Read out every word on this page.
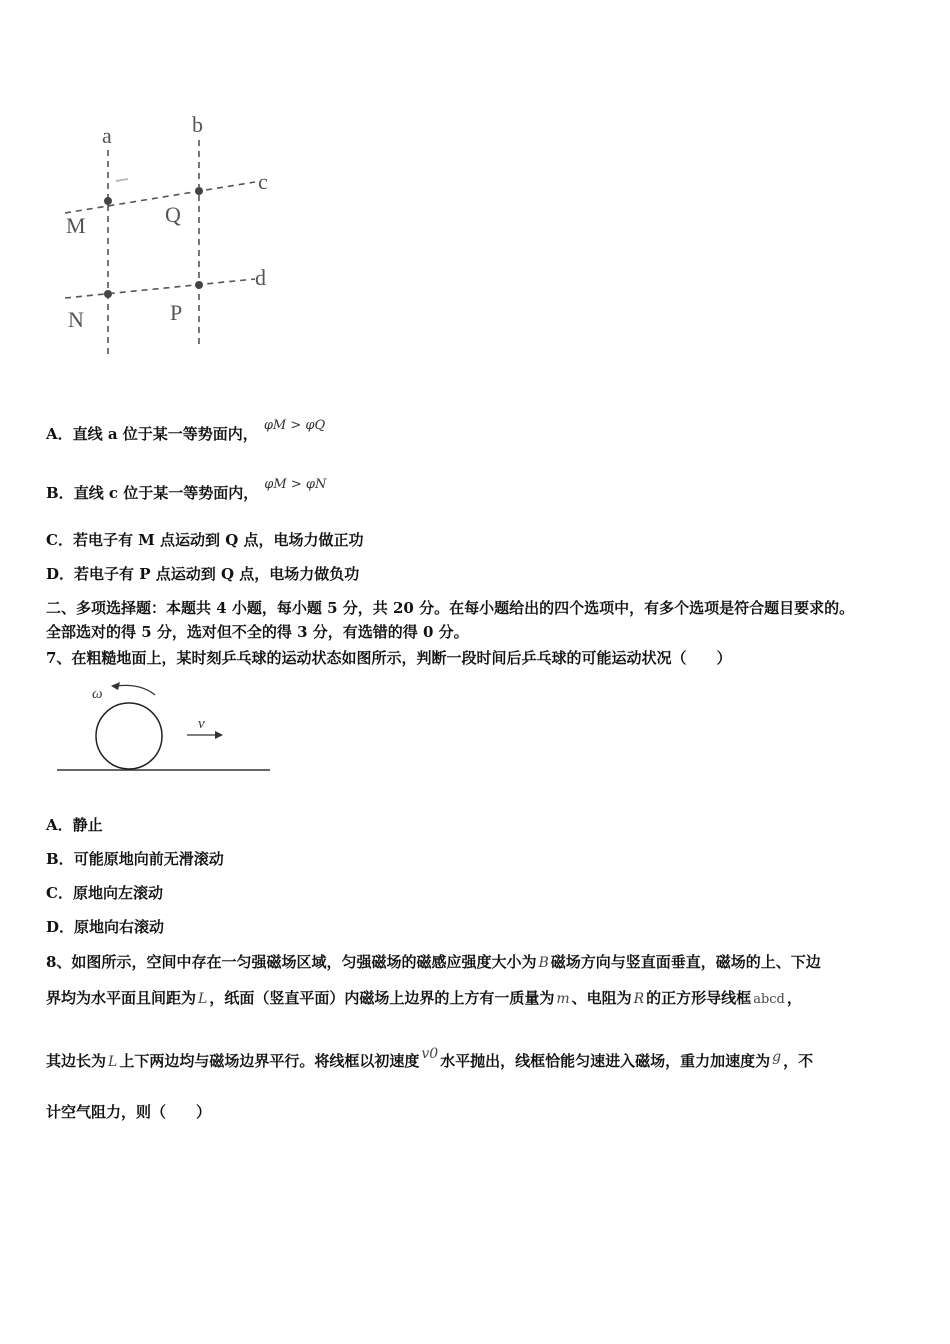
a	b
c
d
M	Q
N	P
A．直线 a 位于某一等势面内， φM > φQ
B．直线 c 位于某一等势面内， φM > φN
C．若电子有 M 点运动到 Q 点，电场力做正功
D．若电子有 P 点运动到 Q 点，电场力做负功
二、多项选择题：本题共 4 小题，每小题 5 分，共 20 分。在每小题给出的四个选项中，有多个选项是符合题目要求的。
全部选对的得 5 分，选对但不全的得 3 分，有选错的得 0 分。
7、在粗糙地面上，某时刻乒乓球的运动状态如图所示，判断一段时间后乒乓球的可能运动状况（　　）
ω
v
A．静止
B．可能原地向前无滑滚动
C．原地向左滚动
D．原地向右滚动
8、如图所示，空间中存在一匀强磁场区域，匀强磁场的磁感应强度大小为 B 磁场方向与竖直面垂直，磁场的上、下边
界均为水平面且间距为 L ，纸面（竖直平面）内磁场上边界的上方有一质量为 m 、电阻为 R 的正方形导线框 abcd ，
其边长为 L 上下两边均与磁场边界平行。将线框以初速度 v0 水平抛出，线框恰能匀速进入磁场，重力加速度为 g ，不
计空气阻力，则（　　）
